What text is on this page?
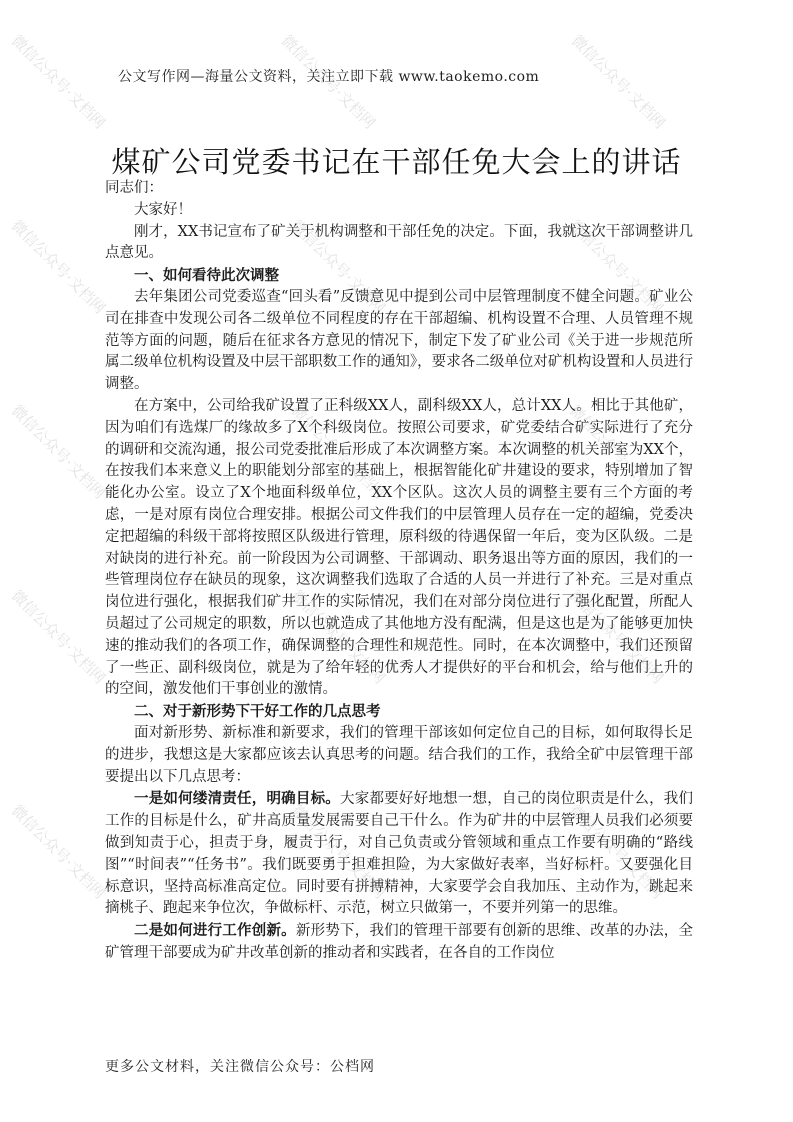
公文写作网—海量公文资料，关注立即下载 www.taokemo.com
煤矿公司党委书记在干部任免大会上的讲话

同志们：

大家好！

刚才，XX书记宣布了矿关于机构调整和干部任免的决定。下面，我就这次干部调整讲几点意见。

一、如何看待此次调整

去年集团公司党委巡查“回头看”反馈意见中提到公司中层管理制度不健全问题。矿业公司在排查中发现公司各二级单位不同程度的存在干部超编、机构设置不合理、人员管理不规范等方面的问题，随后在征求各方意见的情况下，制定下发了矿业公司《关于进一步规范所属二级单位机构设置及中层干部职数工作的通知》，要求各二级单位对矿机构设置和人员进行调整。

在方案中，公司给我矿设置了正科级XX人，副科级XX人，总计XX人。相比于其他矿，因为咱们有选煤厂的缘故多了X个科级岗位。按照公司要求，矿党委结合矿实际进行了充分的调研和交流沟通，报公司党委批准后形成了本次调整方案。本次调整的机关部室为XX个，在按我们本来意义上的职能划分部室的基础上，根据智能化矿井建设的要求，特别增加了智能化办公室。设立了X个地面科级单位，XX个区队。这次人员的调整主要有三个方面的考虑，一是对原有岗位合理安排。根据公司文件我们的中层管理人员存在一定的超编，党委决定把超编的科级干部将按照区队级进行管理，原科级的待遇保留一年后，变为区队级。二是对缺岗的进行补充。前一阶段因为公司调整、干部调动、职务退出等方面的原因，我们的一些管理岗位存在缺员的现象，这次调整我们选取了合适的人员一并进行了补充。三是对重点岗位进行强化，根据我们矿井工作的实际情况，我们在对部分岗位进行了强化配置，所配人员超过了公司规定的职数，所以也就造成了其他地方没有配满，但是这也是为了能够更加快速的推动我们的各项工作，确保调整的合理性和规范性。同时，在本次调整中，我们还预留了一些正、副科级岗位，就是为了给年轻的优秀人才提供好的平台和机会，给与他们上升的的空间，激发他们干事创业的激情。

二、对于新形势下干好工作的几点思考

面对新形势、新标准和新要求，我们的管理干部该如何定位自己的目标，如何取得长足的进步，我想这是大家都应该去认真思考的问题。结合我们的工作，我给全矿中层管理干部要提出以下几点思考：

一是如何缕清责任，明确目标。大家都要好好地想一想，自己的岗位职责是什么，我们工作的目标是什么，矿井高质量发展需要自己干什么。作为矿井的中层管理人员我们必须要做到知责于心，担责于身，履责于行，对自己负责或分管领域和重点工作要有明确的“路线图”“时间表”“任务书”。我们既要勇于担难担险，为大家做好表率，当好标杆。又要强化目标意识，坚持高标准高定位。同时要有拼搏精神，大家要学会自我加压、主动作为，跳起来摘桃子、跑起来争位次，争做标杆、示范，树立只做第一，不要并列第一的思维。

二是如何进行工作创新。新形势下，我们的管理干部要有创新的思维、改革的办法，全矿管理干部要成为矿井改革创新的推动者和实践者，在各自的工作岗位

更多公文材料，关注微信公众号：公档网
微信公众号·文档网	微信公众号·文档网	微信公众号·文档网
微信公众号·文档网	微信公众号·文档网	微信公众号·文档网
微信公众号·文档网	微信公众号·文档网	微信公众号·文档网
微信公众号·文档网	微信公众号·文档网	微信公众号·文档网
微信公众号·文档网	微信公众号·文档网	微信公众号·文档网
